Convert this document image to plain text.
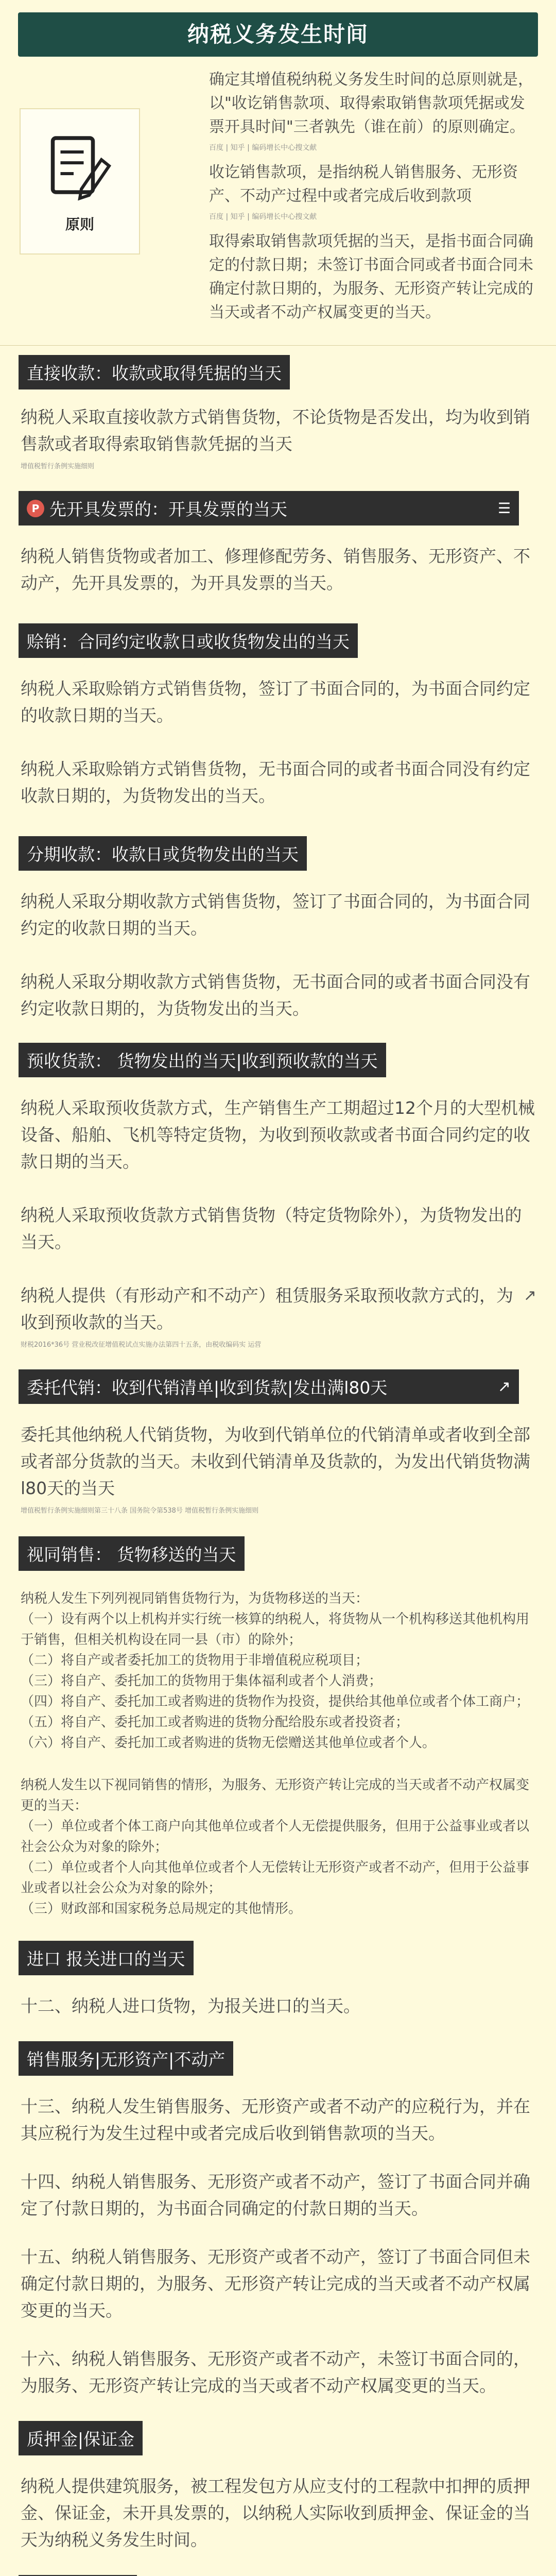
纳税义务发生时间
原则

确定其增值税纳税义务发生时间的总原则就是，以"收讫销售款项、取得索取销售款项凭据或发票开具时间"三者孰先（谁在前）的原则确定。

百度 | 知乎 | 编码增长中心搜文献

收讫销售款项，是指纳税人销售服务、无形资产、不动产过程中或者完成后收到款项

百度 | 知乎 | 编码增长中心搜文献

取得索取销售款项凭据的当天，是指书面合同确定的付款日期；未签订书面合同或者书面合同未确定付款日期的，为服务、无形资产转让完成的当天或者不动产权属变更的当天。

直接收款：收款或取得凭据的当天
纳税人采取直接收款方式销售货物，不论货物是否发出，均为收到销售款或者取得索取销售款凭据的当天
增值税暂行条例实施细则
P 先开具发票的：开具发票的当天	☰
纳税人销售货物或者加工、修理修配劳务、销售服务、无形资产、不动产，先开具发票的，为开具发票的当天。
赊销：合同约定收款日或收货物发出的当天
纳税人采取赊销方式销售货物，签订了书面合同的，为书面合同约定的收款日期的当天。
纳税人采取赊销方式销售货物，无书面合同的或者书面合同没有约定收款日期的，为货物发出的当天。
分期收款：收款日或货物发出的当天
纳税人采取分期收款方式销售货物，签订了书面合同的，为书面合同约定的收款日期的当天。
纳税人采取分期收款方式销售货物，无书面合同的或者书面合同没有约定收款日期的，为货物发出的当天。
预收货款： 货物发出的当天|收到预收款的当天
纳税人采取预收货款方式，生产销售生产工期超过12个月的大型机械设备、船舶、飞机等特定货物，为收到预收款或者书面合同约定的收款日期的当天。
纳税人采取预收货款方式销售货物（特定货物除外），为货物发出的当天。
纳税人提供（有形动产和不动产）租赁服务采取预收款方式的，为收到预收款的当天。
↗
财税2016*36号 营业税改征增值税试点实施办法第四十五条，由税收编码实 运营
委托代销：收到代销清单|收到货款|发出满l80天	↗
委托其他纳税人代销货物，为收到代销单位的代销清单或者收到全部或者部分货款的当天。未收到代销清单及货款的，为发出代销货物满l80天的当天
增值税暂行条例实施细则第三十八条 国务院令第538号 增值税暂行条例实施细则
视同销售： 货物移送的当天
纳税人发生下列列视同销售货物行为，为货物移送的当天：
（一）设有两个以上机构并实行统一核算的纳税人，将货物从一个机构移送其他机构用于销售，但相关机构设在同一县（市）的除外；
（二）将自产或者委托加工的货物用于非增值税应税项目；
（三）将自产、委托加工的货物用于集体福利或者个人消费；
（四）将自产、委托加工或者购进的货物作为投资，提供给其他单位或者个体工商户；
（五）将自产、委托加工或者购进的货物分配给股东或者投资者；
（六）将自产、委托加工或者购进的货物无偿赠送其他单位或者个人。
纳税人发生以下视同销售的情形，为服务、无形资产转让完成的当天或者不动产权属变更的当天：
（一）单位或者个体工商户向其他单位或者个人无偿提供服务，但用于公益事业或者以社会公众为对象的除外；
（二）单位或者个人向其他单位或者个人无偿转让无形资产或者不动产，但用于公益事业或者以社会公众为对象的除外；
（三）财政部和国家税务总局规定的其他情形。
进口 报关进口的当天
十二、纳税人进口货物，为报关进口的当天。
销售服务|无形资产|不动产
十三、纳税人发生销售服务、无形资产或者不动产的应税行为，并在其应税行为发生过程中或者完成后收到销售款项的当天。
十四、纳税人销售服务、无形资产或者不动产，签订了书面合同并确定了付款日期的，为书面合同确定的付款日期的当天。
十五、纳税人销售服务、无形资产或者不动产，签订了书面合同但未确定付款日期的，为服务、无形资产转让完成的当天或者不动产权属变更的当天。
十六、纳税人销售服务、无形资产或者不动产，未签订书面合同的，为服务、无形资产转让完成的当天或者不动产权属变更的当天。
质押金|保证金
纳税人提供建筑服务，被工程发包方从应支付的工程款中扣押的质押金、保证金，未开具发票的，以纳税人实际收到质押金、保证金的当天为纳税义务发生时间。
